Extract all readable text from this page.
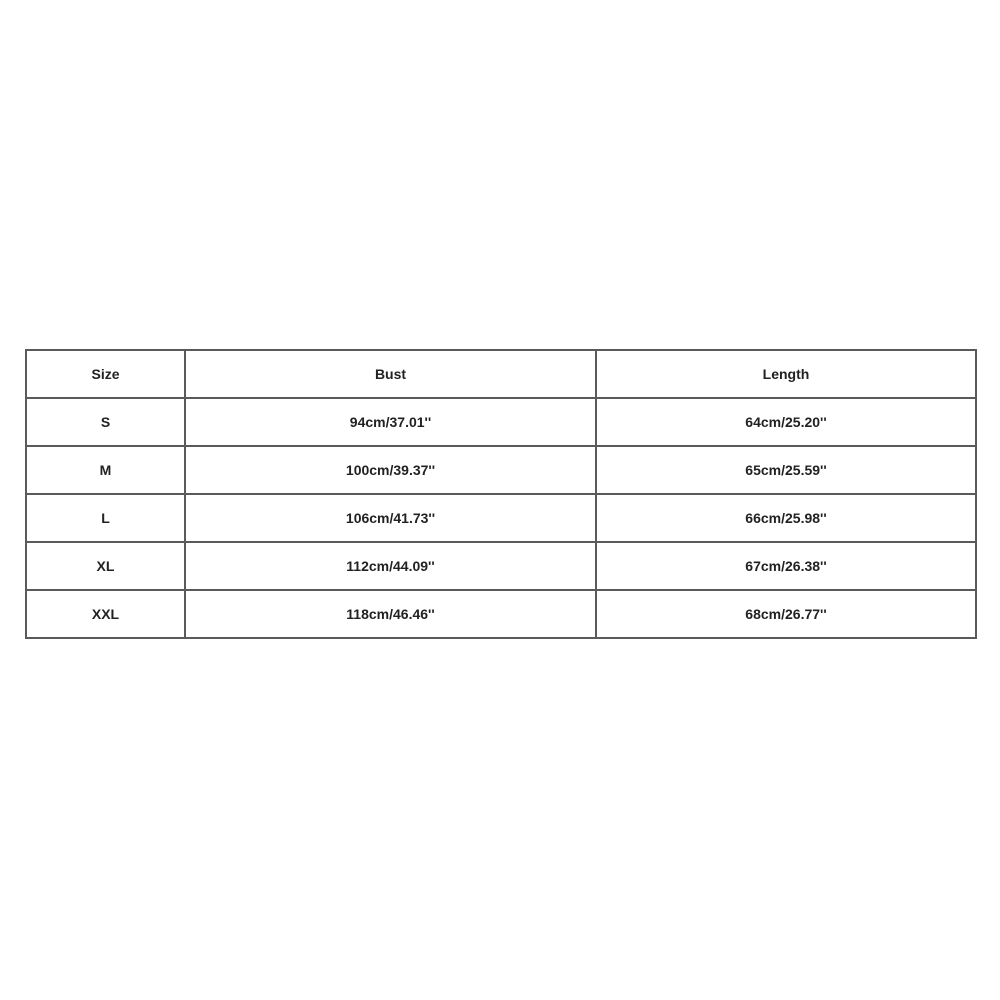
Size	Bust	Length
S	94cm/37.01''	64cm/25.20''
M	100cm/39.37''	65cm/25.59''
L	106cm/41.73''	66cm/25.98''
XL	112cm/44.09''	67cm/26.38''
XXL	118cm/46.46''	68cm/26.77''
